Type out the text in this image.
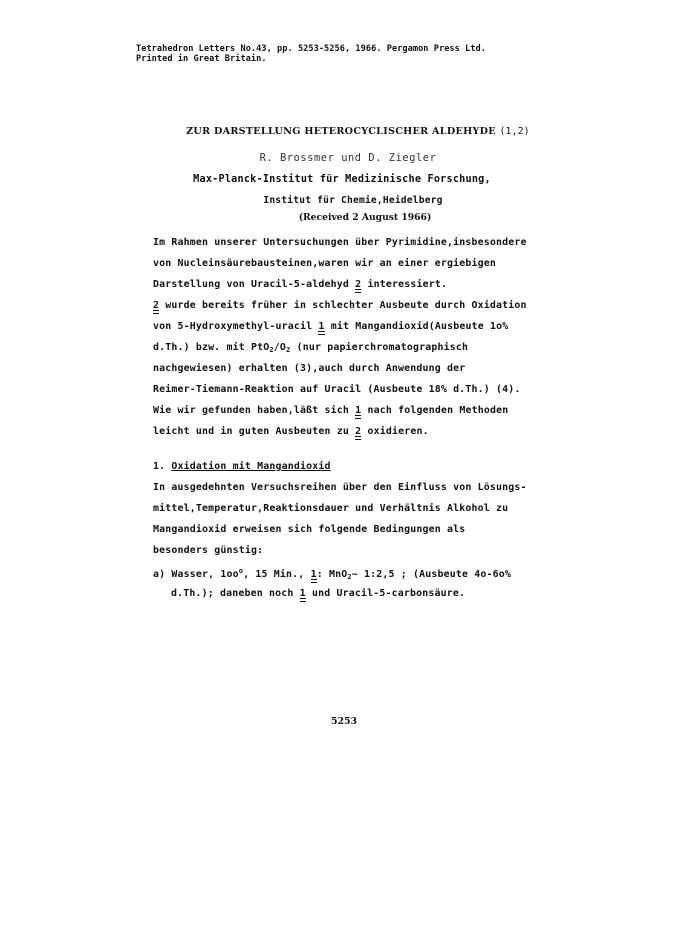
Tetrahedron Letters No.43, pp. 5253-5256, 1966. Pergamon Press Ltd.
Printed in Great Britain.
ZUR DARSTELLUNG HETEROCYCLISCHER ALDEHYDE (1,2)
R. Brossmer und D. Ziegler
Max-Planck-Institut für Medizinische Forschung,
Institut für Chemie,Heidelberg
(Received 2 August 1966)
Im Rahmen unserer Untersuchungen über Pyrimidine,insbesondere
von Nucleinsäurebausteinen,waren wir an einer ergiebigen
Darstellung von Uracil-5-aldehyd 2 interessiert.
2 wurde bereits früher in schlechter Ausbeute durch Oxidation
von 5-Hydroxymethyl-uracil 1 mit Mangandioxid(Ausbeute 1o%
d.Th.) bzw. mit $PtO_2/O_2$ (nur papierchromatographisch
nachgewiesen) erhalten (3),auch durch Anwendung der
Reimer-Tiemann-Reaktion auf Uracil (Ausbeute 18% d.Th.) (4).
Wie wir gefunden haben,läßt sich 1 nach folgenden Methoden
leicht und in guten Ausbeuten zu 2 oxidieren.
1. Oxidation mit Mangandioxid
In ausgedehnten Versuchsreihen über den Einfluss von Lösungs-
mittel,Temperatur,Reaktionsdauer und Verhältnis Alkohol zu
Mangandioxid erweisen sich folgende Bedingungen als
besonders günstig:
a) Wasser, $1oo^o$, 15 Min., 1: MnO$_2$~ 1:2,5 ; (Ausbeute 4o-6o%
d.Th.); daneben noch 1 und Uracil-5-carbonsäure.
5253
